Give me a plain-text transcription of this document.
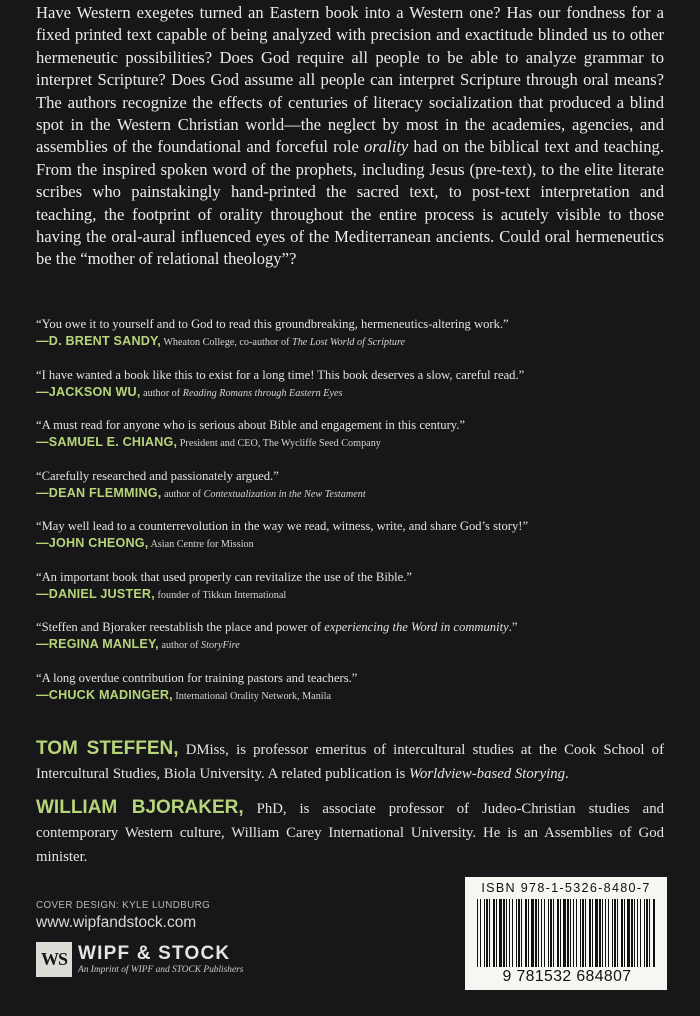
Have Western exegetes turned an Eastern book into a Western one? Has our fondness for a fixed printed text capable of being analyzed with precision and exactitude blinded us to other hermeneutic possibilities? Does God require all people to be able to analyze grammar to interpret Scripture? Does God assume all people can interpret Scripture through oral means? The authors recognize the effects of centuries of literacy socialization that produced a blind spot in the Western Christian world—the neglect by most in the academies, agencies, and assemblies of the foundational and forceful role orality had on the biblical text and teaching. From the inspired spoken word of the prophets, including Jesus (pre-text), to the elite literate scribes who painstakingly hand-printed the sacred text, to post-text interpretation and teaching, the footprint of orality throughout the entire process is acutely visible to those having the oral-aural influenced eyes of the Mediterranean ancients. Could oral hermeneutics be the “mother of relational theology”?
“You owe it to yourself and to God to read this groundbreaking, hermeneutics-altering work.”
—D. BRENT SANDY, Wheaton College, co-author of The Lost World of Scripture
“I have wanted a book like this to exist for a long time! This book deserves a slow, careful read.”
—JACKSON WU, author of Reading Romans through Eastern Eyes
“A must read for anyone who is serious about Bible and engagement in this century.”
—SAMUEL E. CHIANG, President and CEO, The Wycliffe Seed Company
“Carefully researched and passionately argued.”
—DEAN FLEMMING, author of Contextualization in the New Testament
“May well lead to a counterrevolution in the way we read, witness, write, and share God’s story!”
—JOHN CHEONG, Asian Centre for Mission
“An important book that used properly can revitalize the use of the Bible.”
—DANIEL JUSTER, founder of Tikkun International
“Steffen and Bjoraker reestablish the place and power of experiencing the Word in community.”
—REGINA MANLEY, author of StoryFire
“A long overdue contribution for training pastors and teachers.”
—CHUCK MADINGER, International Orality Network, Manila
TOM STEFFEN, DMiss, is professor emeritus of intercultural studies at the Cook School of Intercultural Studies, Biola University. A related publication is Worldview-based Storying.
WILLIAM BJORAKER, PhD, is associate professor of Judeo-Christian studies and contemporary Western culture, William Carey International University. He is an Assemblies of God minister.
COVER DESIGN: KYLE LUNDBURG
www.wipfandstock.com
WS WIPF & STOCK
An Imprint of WIPF and STOCK Publishers
ISBN 978-1-5326-8480-7
9 781532 684807
